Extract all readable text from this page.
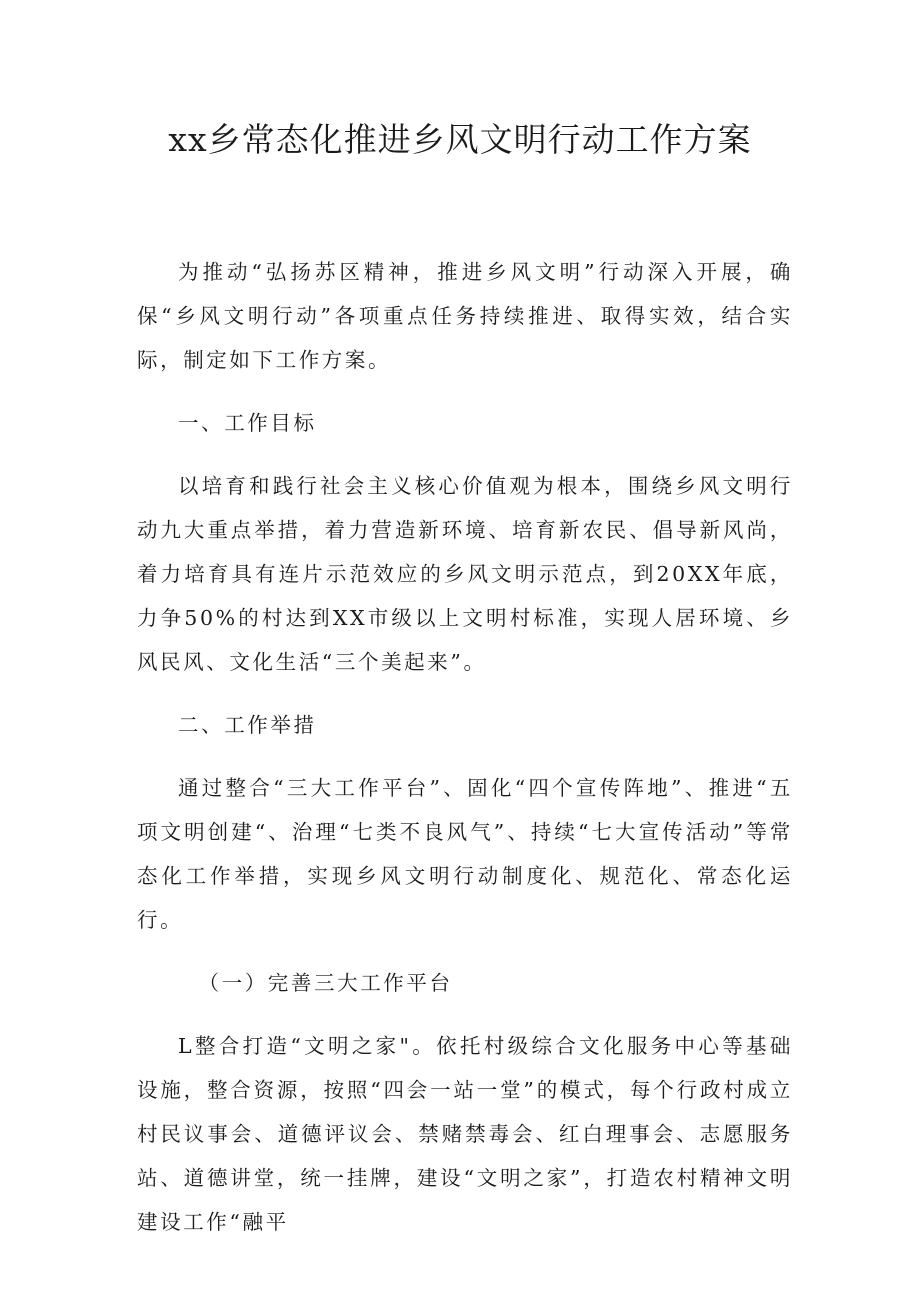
xx乡常态化推进乡风文明行动工作方案

为推动“弘扬苏区精神，推进乡风文明”行动深入开展，确保“乡风文明行动”各项重点任务持续推进、取得实效，结合实际，制定如下工作方案。

一、工作目标

以培育和践行社会主义核心价值观为根本，围绕乡风文明行动九大重点举措，着力营造新环境、培育新农民、倡导新风尚，着力培育具有连片示范效应的乡风文明示范点，到20XX年底，力争50%的村达到XX市级以上文明村标准，实现人居环境、乡风民风、文化生活“三个美起来”。

二、工作举措

通过整合“三大工作平台”、固化“四个宣传阵地”、推进“五项文明创建“、治理“七类不良风气”、持续“七大宣传活动”等常态化工作举措，实现乡风文明行动制度化、规范化、常态化运行。

（一）完善三大工作平台

L整合打造“文明之家"。依托村级综合文化服务中心等基础设施，整合资源，按照“四会一站一堂”的模式，每个行政村成立村民议事会、道德评议会、禁赌禁毒会、红白理事会、志愿服务站、道德讲堂，统一挂牌，建设“文明之家”，打造农村精神文明建设工作“融平
